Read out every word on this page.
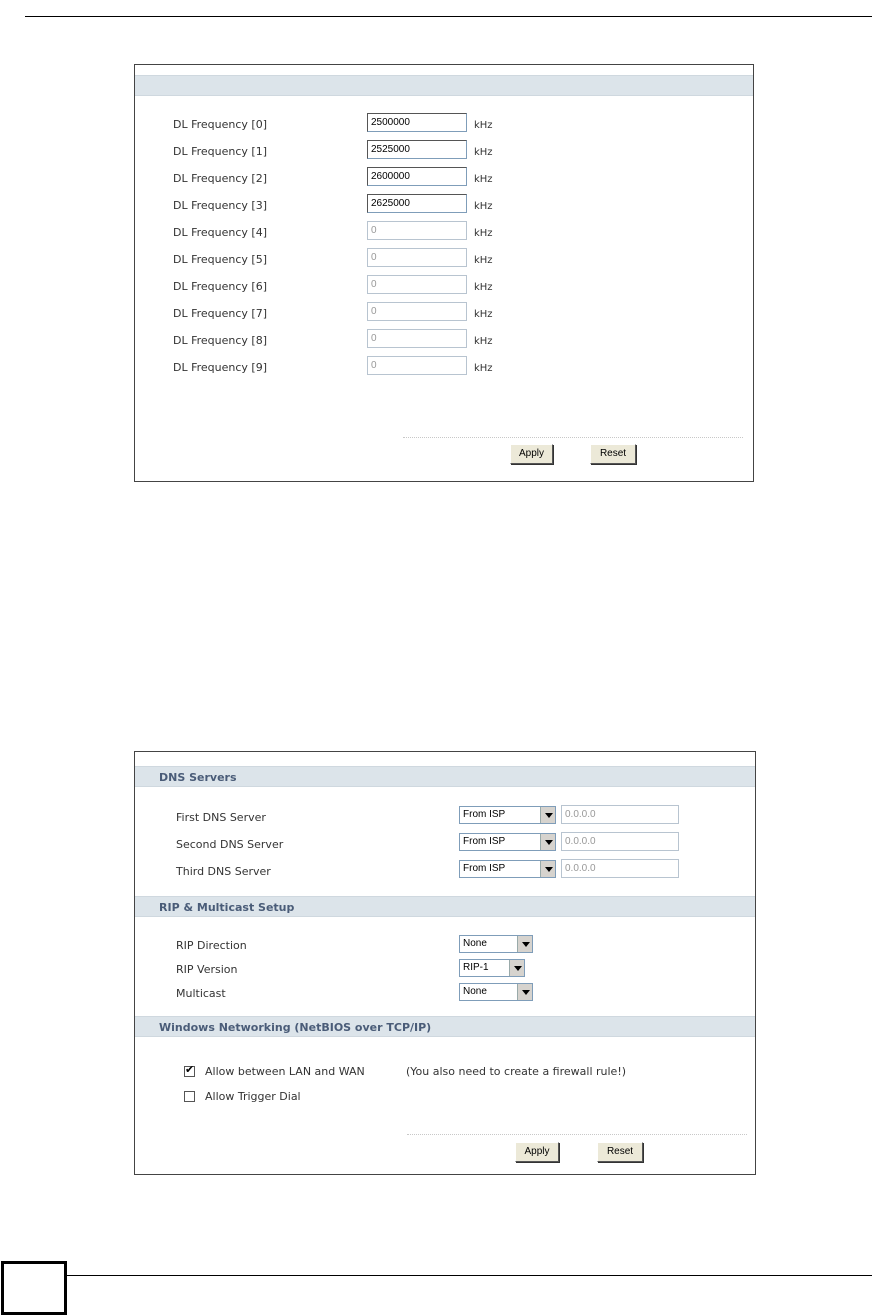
DL Frequency [0]	2500000	kHz
DL Frequency [1]	2525000	kHz
DL Frequency [2]	2600000	kHz
DL Frequency [3]	2625000	kHz
DL Frequency [4]	0	kHz
DL Frequency [5]	0	kHz
DL Frequency [6]	0	kHz
DL Frequency [7]	0	kHz
DL Frequency [8]	0	kHz
DL Frequency [9]	0	kHz
Apply	Reset
DNS Servers
First DNS Server	From ISP	0.0.0.0
Second DNS Server	From ISP	0.0.0.0
Third DNS Server	From ISP	0.0.0.0
RIP & Multicast Setup
RIP Direction	None
RIP Version	RIP-1
Multicast	None
Windows Networking (NetBIOS over TCP/IP)
✔ Allow between LAN and WAN	(You also need to create a firewall rule!)
Allow Trigger Dial
Apply	Reset
